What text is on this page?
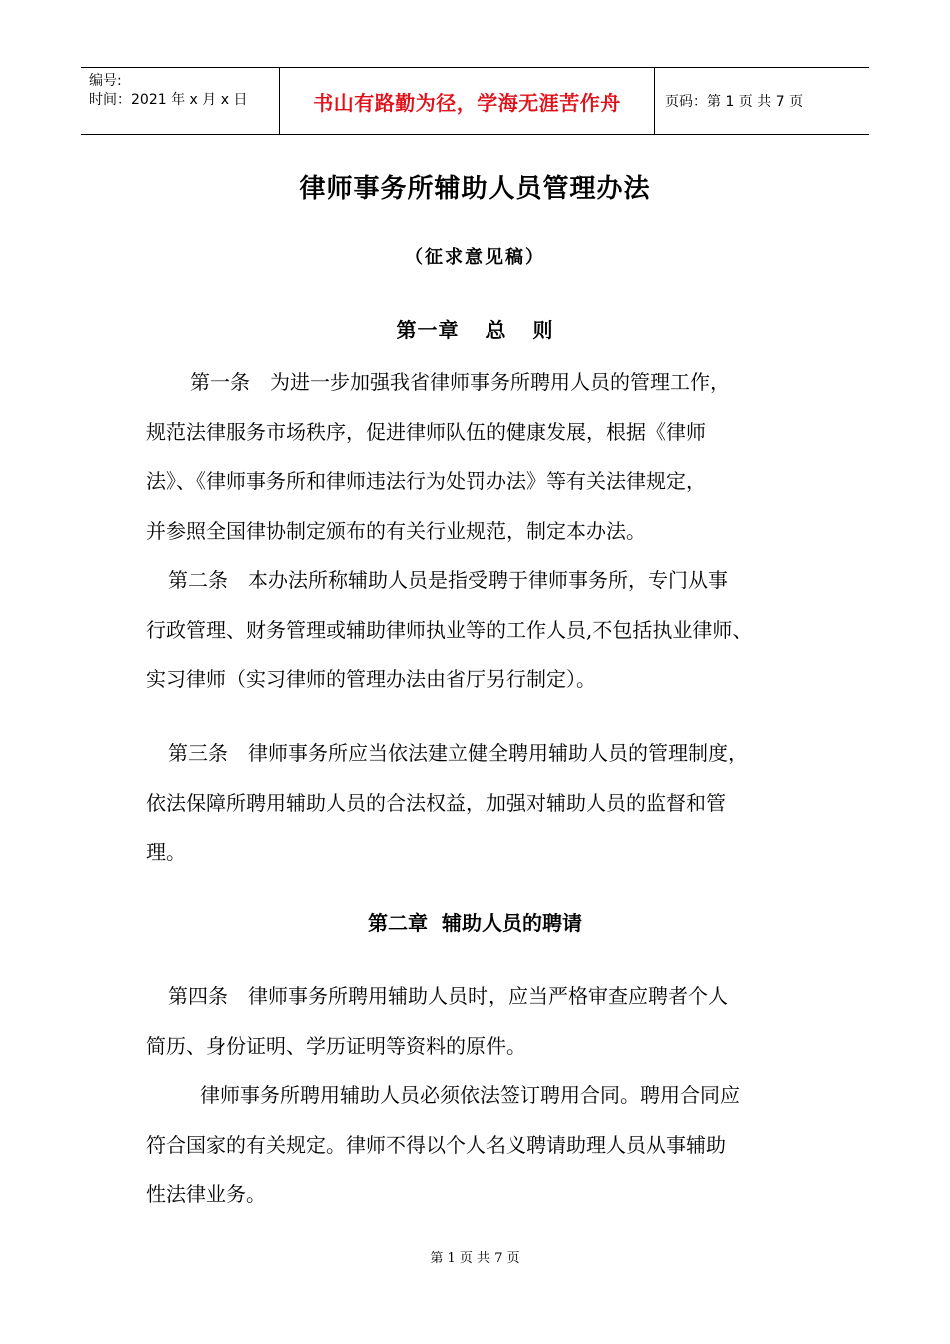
编号:
时间：2021 年 x 月 x 日	书山有路勤为径，学海无涯苦作舟	页码：第 1 页 共 7 页
律师事务所辅助人员管理办法
（征求意见稿）
第一章 总 则
第一条　为进一步加强我省律师事务所聘用人员的管理工作，
规范法律服务市场秩序，促进律师队伍的健康发展，根据《律师
法》、《律师事务所和律师违法行为处罚办法》等有关法律规定，
并参照全国律协制定颁布的有关行业规范，制定本办法。
第二条　本办法所称辅助人员是指受聘于律师事务所，专门从事
行政管理、财务管理或辅助律师执业等的工作人员,不包括执业律师、
实习律师（实习律师的管理办法由省厅另行制定）。
第三条　律师事务所应当依法建立健全聘用辅助人员的管理制度，
依法保障所聘用辅助人员的合法权益，加强对辅助人员的监督和管
理。
第二章 辅助人员的聘请
第四条　律师事务所聘用辅助人员时，应当严格审查应聘者个人
简历、身份证明、学历证明等资料的原件。
律师事务所聘用辅助人员必须依法签订聘用合同。聘用合同应
符合国家的有关规定。律师不得以个人名义聘请助理人员从事辅助
性法律业务。
第 1 页 共 7 页
